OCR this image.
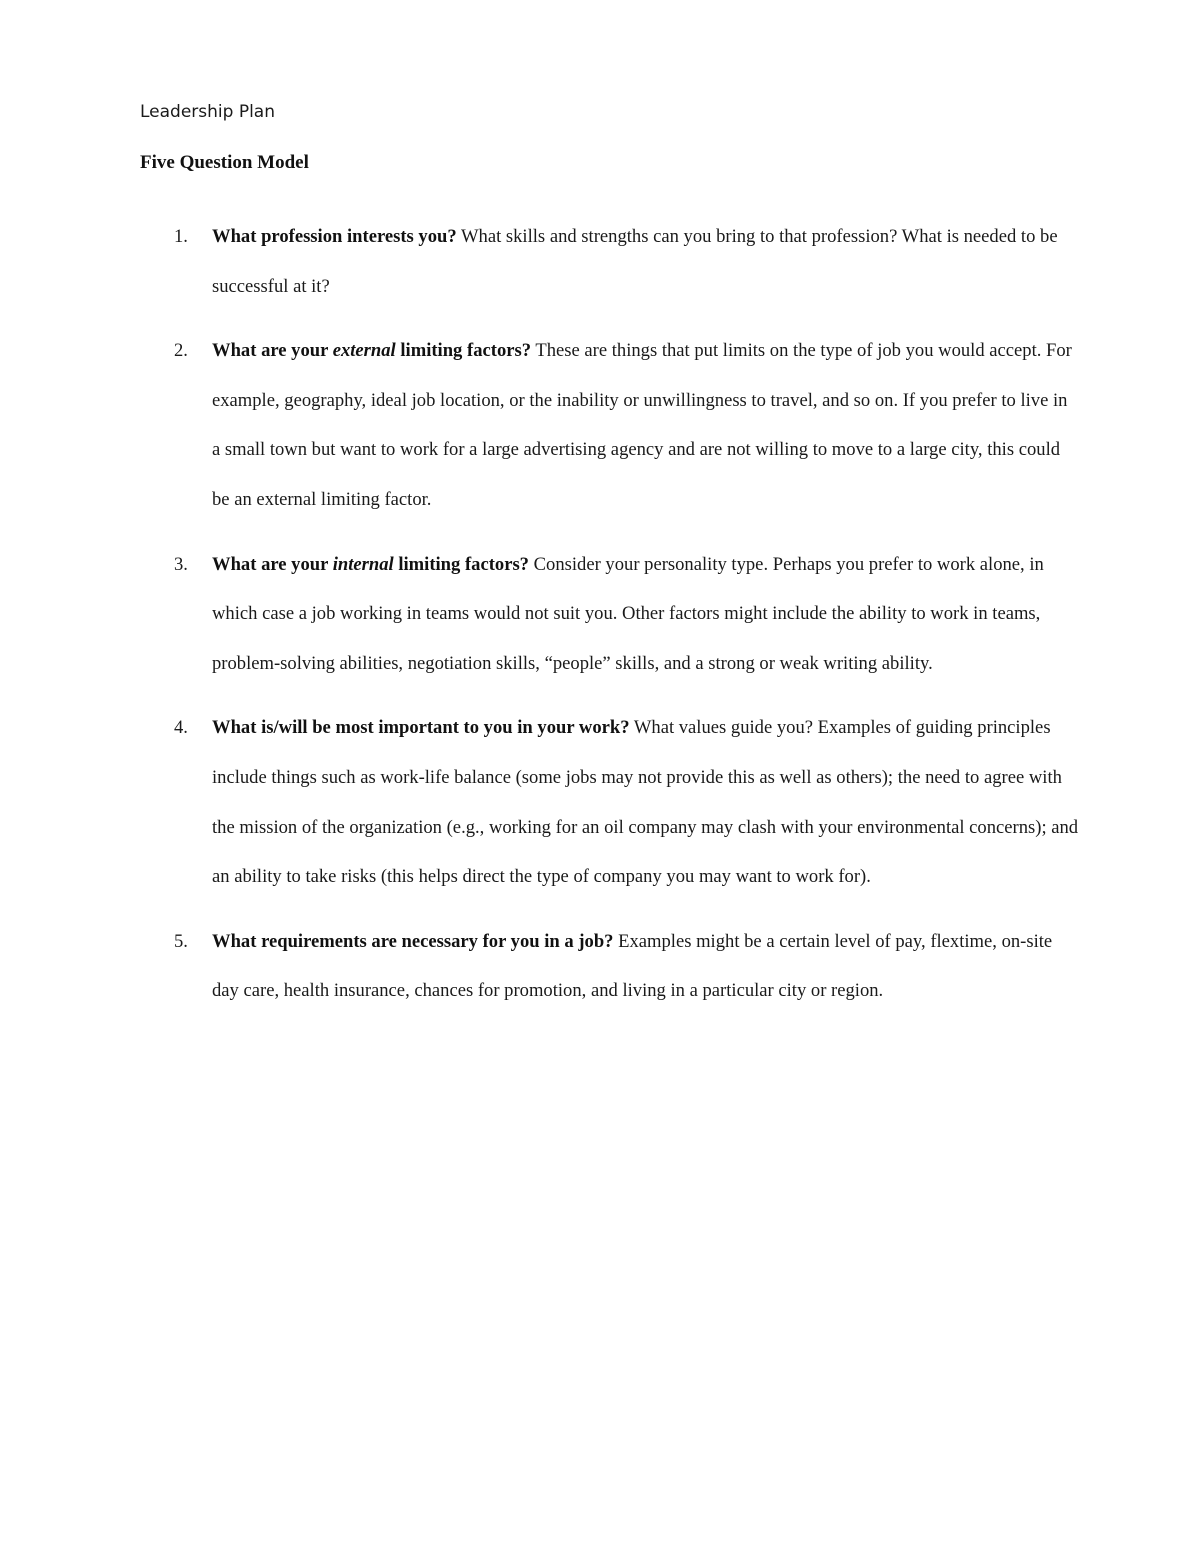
Leadership Plan
Five Question Model
1. What profession interests you? What skills and strengths can you bring to that profession? What is needed to be successful at it?
2. What are your external limiting factors? These are things that put limits on the type of job you would accept. For example, geography, ideal job location, or the inability or unwillingness to travel, and so on. If you prefer to live in a small town but want to work for a large advertising agency and are not willing to move to a large city, this could be an external limiting factor.
3. What are your internal limiting factors? Consider your personality type. Perhaps you prefer to work alone, in which case a job working in teams would not suit you. Other factors might include the ability to work in teams, problem-solving abilities, negotiation skills, “people” skills, and a strong or weak writing ability.
4. What is/will be most important to you in your work? What values guide you? Examples of guiding principles include things such as work-life balance (some jobs may not provide this as well as others); the need to agree with the mission of the organization (e.g., working for an oil company may clash with your environmental concerns); and an ability to take risks (this helps direct the type of company you may want to work for).
5. What requirements are necessary for you in a job? Examples might be a certain level of pay, flextime, on-site day care, health insurance, chances for promotion, and living in a particular city or region.
